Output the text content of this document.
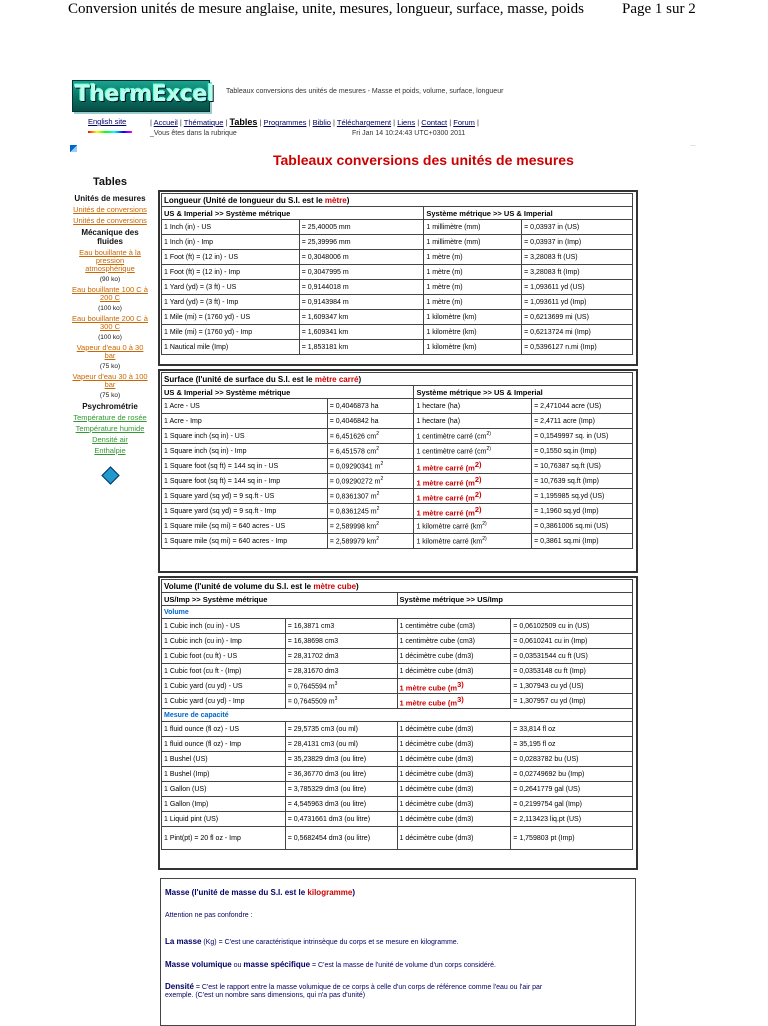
Conversion unités de mesure anglaise, unite, mesures, longueur, surface, masse, poids	Page 1 sur 2
ThermExcel Tableaux conversions des unités de mesures - Masse et poids, volume, surface, longueur
English site	| Accueil | Thématique | Tables | Programmes | Biblio | Téléchargement | Liens | Contact | Forum |
_Vous êtes dans la rubrique	Fri Jan 14 10:24:43 UTC+0300 2011
...
Tableaux conversions des unités de mesures
Tables
Unités de mesures
Unités de conversions
Unités de conversions
Mécanique des fluides
Eau bouillante à la pression atmosphérique
(90 ko)
Eau bouillante 100 C à 200 C
(100 ko)
Eau bouillante 200 C à 300 C
(100 ko)
Vapeur d'eau 0 à 30 bar
(75 ko)
Vapeur d'eau 30 à 100 bar
(75 ko)
Psychrométrie
Température de rosée
Température humide
Densité air
Enthalpie
Longueur (Unité de longueur du S.I. est le mètre)			
US & Imperial >> Système métrique		Système métrique >> US & Imperial	
1 Inch (in) - US	= 25,40005 mm	1 millimètre (mm)	= 0,03937 in (US)
1 Inch (in) - Imp	= 25,39996 mm	1 millimètre (mm)	= 0,03937 in (Imp)
1 Foot (ft) = (12 in) - US	= 0,3048006 m	1 mètre (m)	= 3,28083 ft (US)
1 Foot (ft) = (12 in) - Imp	= 0,3047995 m	1 mètre (m)	= 3,28083 ft (Imp)
1 Yard (yd) = (3 ft) - US	= 0,9144018 m	1 mètre (m)	= 1,093611 yd (US)
1 Yard (yd) = (3 ft) - Imp	= 0,9143984 m	1 mètre (m)	= 1,093611 yd (Imp)
1 Mile (mi) = (1760 yd) - US	= 1,609347 km	1 kilomètre (km)	= 0,6213699 mi (US)
1 Mile (mi) = (1760 yd) - Imp	= 1,609341 km	1 kilomètre (km)	= 0,6213724 mi (Imp)
1 Nautical mile (Imp)	= 1,853181 km	1 kilomètre (km)	= 0,5396127 n.mi (Imp)
Surface (l'unité de surface du S.I. est le mètre carré)			
US & Imperial >> Système métrique		Système métrique >> US & Imperial	
1 Acre - US	= 0,4046873 ha	1 hectare (ha)	= 2,471044 acre (US)
1 Acre - Imp	= 0,4046842 ha	1 hectare (ha)	= 2,4711 acre (Imp)
1 Square inch (sq in) - US	= 6,451626 $cm^2$	1 centimètre carré ($cm^{2)}$	= 0,1549997 sq. in (US)
1 Square inch (sq in) - Imp	= 6,451578 $cm^2$	1 centimètre carré ($cm^{2)}$	= 0,1550 sq.in (Imp)
1 Square foot (sq ft) = 144 sq in - US	= 0,09290341 $m^2$	1 mètre carré ($m^{2)}$	= 10,76387 sq.ft (US)
1 Square foot (sq ft) = 144 sq in - Imp	= 0,09290272 $m^2$	1 mètre carré ($m^{2)}$	= 10,7639 sq.ft (Imp)
1 Square yard (sq yd) = 9 sq.ft - US	= 0,8361307 $m^2$	1 mètre carré ($m^{2)}$	= 1,195985 sq.yd (US)
1 Square yard (sq yd) = 9 sq.ft - Imp	= 0,8361245 $m^2$	1 mètre carré ($m^{2)}$	= 1,1960 sq.yd (Imp)
1 Square mile (sq mi) = 640 acres - US	= 2,589998 $km^2$	1 kilomètre carré ($km^{2)}$	= 0,3861006 sq.mi (US)
1 Square mile (sq mi) = 640 acres - Imp	= 2,589979 $km^2$	1 kilomètre carré ($km^{2)}$	= 0,3861 sq.mi (Imp)
Volume (l'unité de volume du S.I. est le mètre cube)			
US/Imp >> Système métrique		Système métrique >> US/Imp	
Volume			
1 Cubic inch (cu in) - US	= 16,3871 cm3	1 centimètre cube (cm3)	= 0,06102509 cu in (US)
1 Cubic inch (cu in) - Imp	= 16,38698 cm3	1 centimètre cube (cm3)	= 0,0610241 cu in (Imp)
1 Cubic foot (cu ft) - US	= 28,31702 dm3	1 décimètre cube (dm3)	= 0,03531544 cu ft (US)
1 Cubic foot (cu ft - (Imp)	= 28,31670 dm3	1 décimètre cube (dm3)	= 0,0353148 cu ft (Imp)
1 Cubic yard (cu yd) - US	= 0,7645594 $m^3$	1 mètre cube ($m^{3)}$	= 1,307943 cu yd (US)
1 Cubic yard (cu yd) - Imp	= 0,7645509 $m^3$	1 mètre cube ($m^{3)}$	= 1,307957 cu yd (Imp)
Mesure de capacité			
1 fluid ounce (fl oz) - US	= 29,5735 cm3 (ou ml)	1 décimètre cube (dm3)	= 33,814 fl oz
1 fluid ounce (fl oz) - Imp	= 28,4131 cm3 (ou ml)	1 décimètre cube (dm3)	= 35,195 fl oz
1 Bushel (US)	= 35,23829 dm3 (ou litre)	1 décimètre cube (dm3)	= 0,0283782 bu (US)
1 Bushel (Imp)	= 36,36770 dm3 (ou litre)	1 décimètre cube (dm3)	= 0,02749692 bu (Imp)
1 Gallon (US)	= 3,785329 dm3 (ou litre)	1 décimètre cube (dm3)	= 0,2641779 gal (US)
1 Gallon (Imp)	= 4,545963 dm3 (ou litre)	1 décimètre cube (dm3)	= 0,2199754 gal (Imp)
1 Liquid pint (US)	= 0,4731661 dm3 (ou litre)	1 décimètre cube (dm3)	= 2,113423 liq.pt (US)
1 Pint(pt) = 20 fl oz - Imp	= 0,5682454 dm3 (ou litre)	1 décimètre cube (dm3)	= 1,759803 pt (Imp)
Masse (l'unité de masse du S.I. est le kilogramme)
Attention ne pas confondre :
La masse (Kg) = C'est une caractéristique intrinsèque du corps et se mesure en kilogramme.
Masse volumique ou masse spécifique = C'est la masse de l'unité de volume d'un corps considéré.
Densité = C'est le rapport entre la masse volumique de ce corps à celle d'un corps de référence comme l'eau ou l'air par
exemple. (C'est un nombre sans dimensions, qui n'a pas d'unité)
